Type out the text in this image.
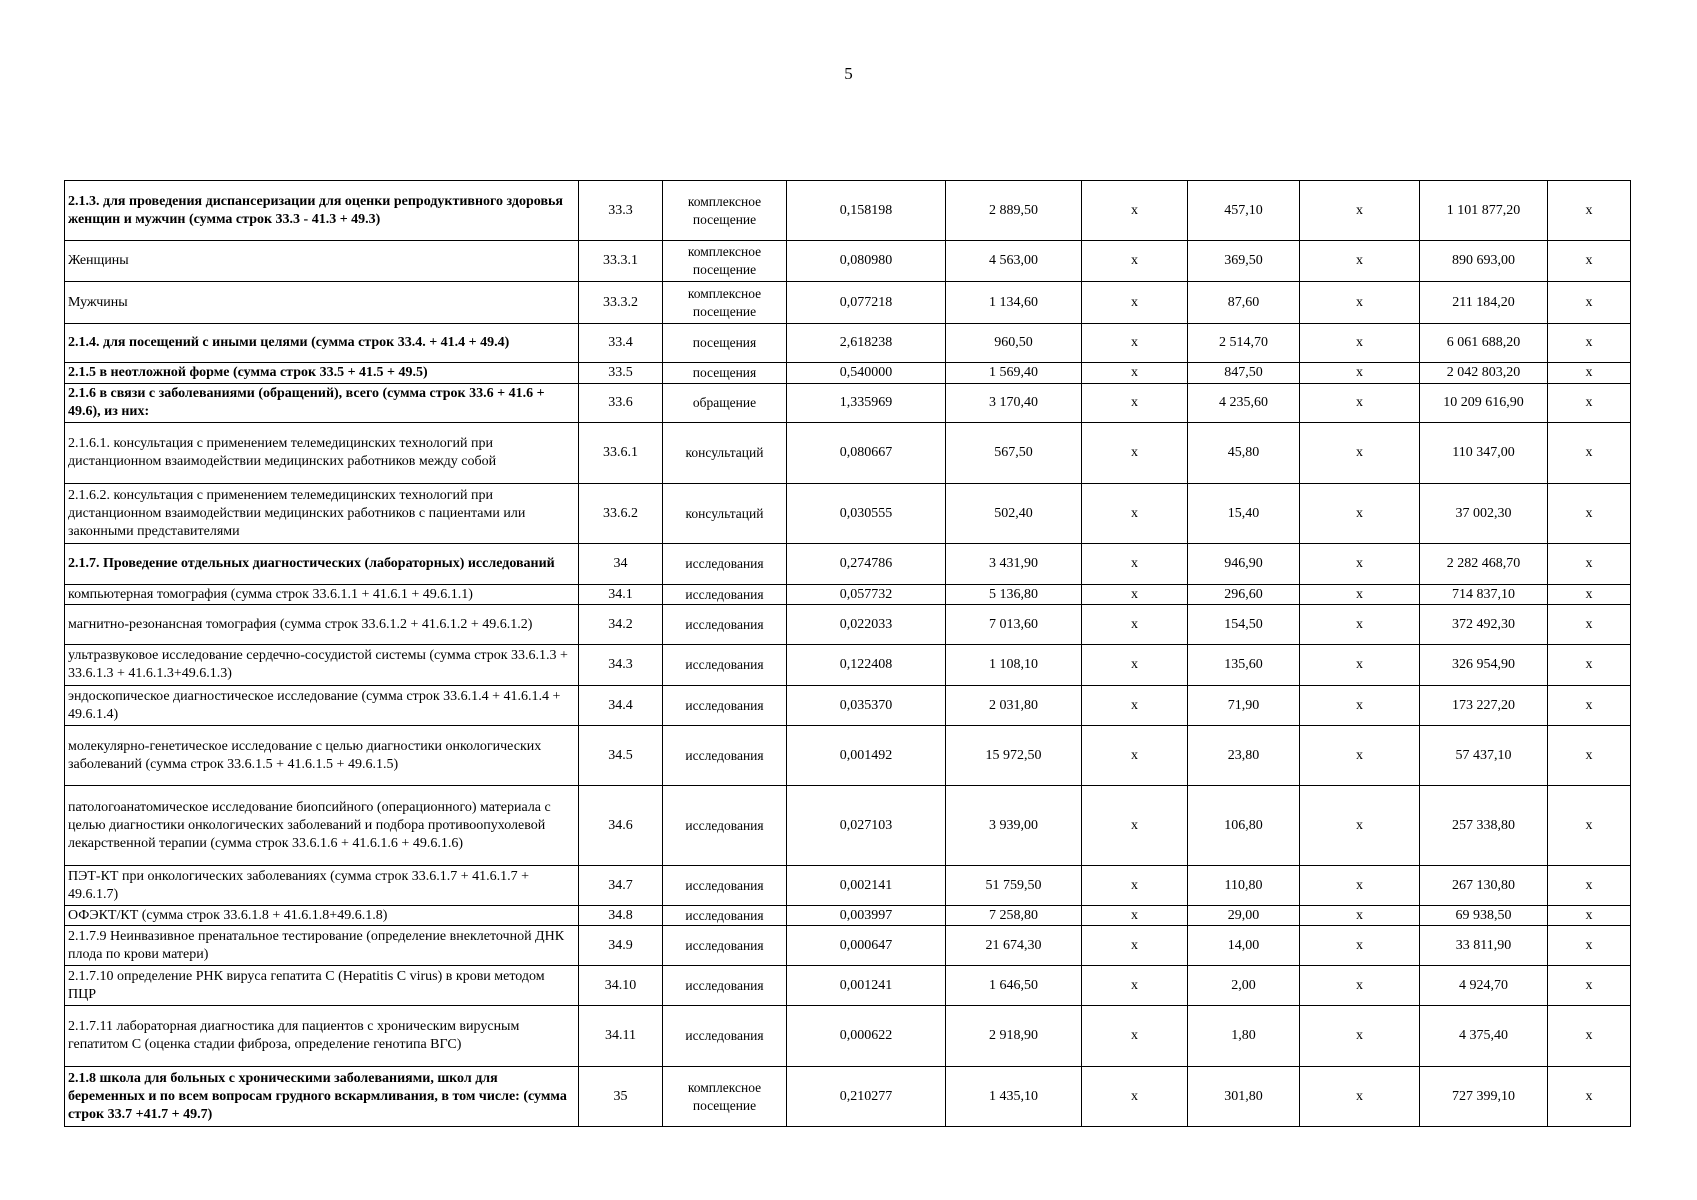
5
2.1.3. для проведения диспансеризации для оценки репродуктивного здоровья женщин и мужчин (сумма строк 33.3 - 41.3 + 49.3)	33.3	комплексное посещение	0,158198	2 889,50	х	457,10	х	1 101 877,20	х
Женщины	33.3.1	комплексное посещение	0,080980	4 563,00	х	369,50	х	890 693,00	х
Мужчины	33.3.2	комплексное посещение	0,077218	1 134,60	х	87,60	х	211 184,20	х
2.1.4. для посещений с иными целями (сумма строк 33.4. + 41.4 + 49.4)	33.4	посещения	2,618238	960,50	х	2 514,70	х	6 061 688,20	х
2.1.5 в неотложной форме (сумма строк 33.5 + 41.5 + 49.5)	33.5	посещения	0,540000	1 569,40	х	847,50	х	2 042 803,20	х
2.1.6 в связи с заболеваниями (обращений), всего (сумма строк 33.6 + 41.6 + 49.6), из них:	33.6	обращение	1,335969	3 170,40	х	4 235,60	х	10 209 616,90	х
2.1.6.1. консультация с применением телемедицинских технологий при дистанционном взаимодействии медицинских работников между собой	33.6.1	консультаций	0,080667	567,50	х	45,80	х	110 347,00	х
2.1.6.2. консультация с применением телемедицинских технологий при дистанционном взаимодействии медицинских работников с пациентами или законными представителями	33.6.2	консультаций	0,030555	502,40	х	15,40	х	37 002,30	х
2.1.7. Проведение отдельных диагностических (лабораторных) исследований	34	исследования	0,274786	3 431,90	х	946,90	х	2 282 468,70	х
компьютерная томография (сумма строк 33.6.1.1 + 41.6.1 + 49.6.1.1)	34.1	исследования	0,057732	5 136,80	х	296,60	х	714 837,10	х
магнитно-резонансная томография (сумма строк 33.6.1.2 + 41.6.1.2 + 49.6.1.2)	34.2	исследования	0,022033	7 013,60	х	154,50	х	372 492,30	х
ультразвуковое исследование сердечно-сосудистой системы (сумма строк 33.6.1.3 + 33.6.1.3 + 41.6.1.3+49.6.1.3)	34.3	исследования	0,122408	1 108,10	х	135,60	х	326 954,90	х
эндоскопическое диагностическое исследование (сумма строк 33.6.1.4 + 41.6.1.4 + 49.6.1.4)	34.4	исследования	0,035370	2 031,80	х	71,90	х	173 227,20	х
молекулярно-генетическое исследование с целью диагностики онкологических заболеваний (сумма строк 33.6.1.5 + 41.6.1.5 + 49.6.1.5)	34.5	исследования	0,001492	15 972,50	х	23,80	х	57 437,10	х
патологоанатомическое исследование биопсийного (операционного) материала с целью диагностики онкологических заболеваний и подбора противоопухолевой лекарственной терапии (сумма строк 33.6.1.6 + 41.6.1.6 + 49.6.1.6)	34.6	исследования	0,027103	3 939,00	х	106,80	х	257 338,80	х
ПЭТ-КТ при онкологических заболеваниях (сумма строк 33.6.1.7 + 41.6.1.7 + 49.6.1.7)	34.7	исследования	0,002141	51 759,50	х	110,80	х	267 130,80	х
ОФЭКТ/КТ (сумма строк 33.6.1.8 + 41.6.1.8+49.6.1.8)	34.8	исследования	0,003997	7 258,80	х	29,00	х	69 938,50	х
2.1.7.9 Неинвазивное пренатальное тестирование (определение внеклеточной ДНК плода по крови матери)	34.9	исследования	0,000647	21 674,30	х	14,00	х	33 811,90	х
2.1.7.10 определение РНК вируса гепатита С (Hepatitis C virus) в крови методом ПЦР	34.10	исследования	0,001241	1 646,50	х	2,00	х	4 924,70	х
2.1.7.11 лабораторная диагностика для пациентов с хроническим вирусным гепатитом С (оценка стадии фиброза, определение генотипа ВГС)	34.11	исследования	0,000622	2 918,90	х	1,80	х	4 375,40	х
2.1.8 школа для больных с хроническими заболеваниями, школ для беременных и по всем вопросам грудного вскармливания, в том числе: (сумма строк 33.7 +41.7 + 49.7)	35	комплексное посещение	0,210277	1 435,10	х	301,80	х	727 399,10	х
